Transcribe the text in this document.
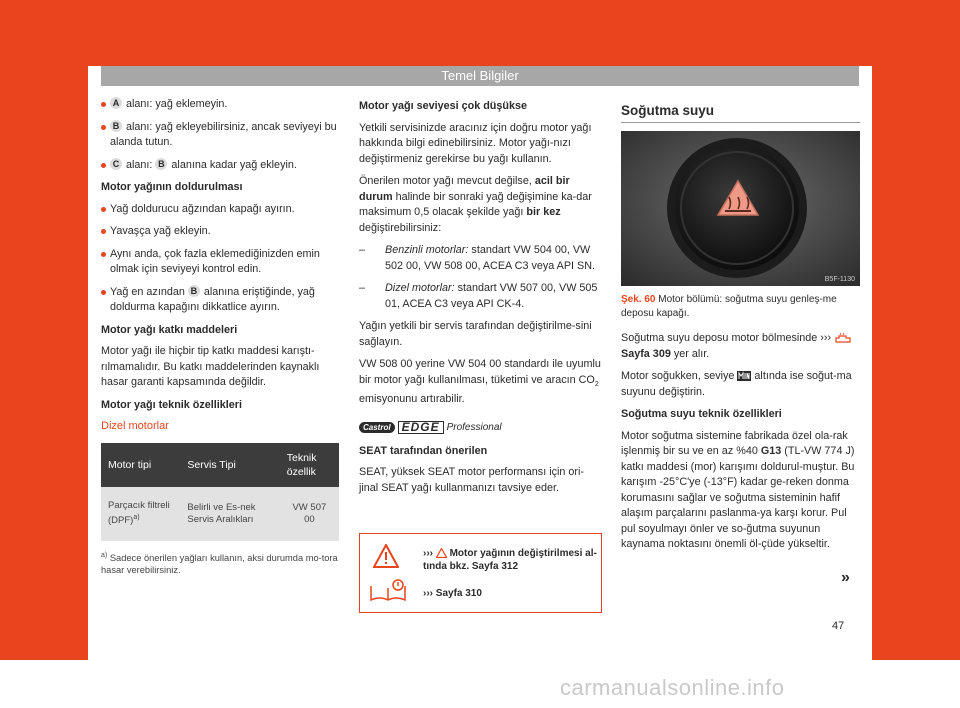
Temel Bilgiler
A alanı: yağ eklemeyin.
B alanı: yağ ekleyebilirsiniz, ancak seviyeyi bu alanda tutun.
C alanı: B alanına kadar yağ ekleyin.
Motor yağının doldurulması
Yağ doldurucu ağzından kapağı ayırın.
Yavaşça yağ ekleyin.
Aynı anda, çok fazla eklemediğinizden emin olmak için seviyeyi kontrol edin.
Yağ en azından B alanına eriştiğinde, yağ doldurma kapağını dikkatlice ayırın.
Motor yağı katkı maddeleri

Motor yağı ile hiçbir tip katkı maddesi karıştı-rılmamalıdır. Bu katkı maddelerinden kaynaklı hasar garanti kapsamında değildir.

Motor yağı teknik özellikleri
Dizel motorlar
Motor tipi	Servis Tipi	Teknik özellik
Parçacık filtreli (DPF)$^{a)}$	Belirli ve Es-nek Servis Aralıkları	VW 507 00
$^{a)}$ Sadece önerilen yağları kullanın, aksi durumda mo-tora hasar verebilirsiniz.
Motor yağı seviyesi çok düşükse

Yetkili servisinizde aracınız için doğru motor yağı hakkında bilgi edinebilirsiniz. Motor yağı-nızı değiştirmeniz gerekirse bu yağı kullanın.

Önerilen motor yağı mevcut değilse, acil bir durum halinde bir sonraki yağ değişimine ka-dar maksimum 0,5 olacak şekilde yağı bir kez değiştirebilirsiniz:

– Benzinli motorlar: standart VW 504 00, VW 502 00, VW 508 00, ACEA C3 veya API SN.
– Dizel motorlar: standart VW 507 00, VW 505 01, ACEA C3 veya API CK-4.

Yağın yetkili bir servis tarafından değiştirilme-sini sağlayın.

VW 508 00 yerine VW 504 00 standardı ile uyumlu bir motor yağı kullanılması, tüketimi ve aracın $CO_2$ emisyonunu artırabilir.

Castrol EDGE Professional
SEAT tarafından önerilen

SEAT, yüksek SEAT motor performansı için ori-jinal SEAT yağı kullanmanızı tavsiye eder.

››› Motor yağının değiştirilmesi al-tında bkz. Sayfa 312
››› Sayfa 310
Soğutma suyu
B5F-1130
Şek. 60 Motor bölümü: soğutma suyu genleş-me deposu kapağı.

Soğutma suyu deposu motor bölmesinde ›››  Sayfa 309 yer alır.

Motor soğukken, seviye altında ise soğut-ma suyunu değiştirin.

Soğutma suyu teknik özellikleri

Motor soğutma sistemine fabrikada özel ola-rak işlenmiş bir su ve en az %40 G13 (TL-VW 774 J) katkı maddesi (mor) karışımı doldurul-muştur. Bu karışım -25°C'ye (-13°F) kadar ge-reken donma korumasını sağlar ve soğutma sisteminin hafif alaşım parçalarını paslanma-ya karşı korur. Pul pul soyulmayı önler ve so-ğutma suyunun kaynama noktasını önemli öl-çüde yükseltir.

»
47
carmanualsonline.info
